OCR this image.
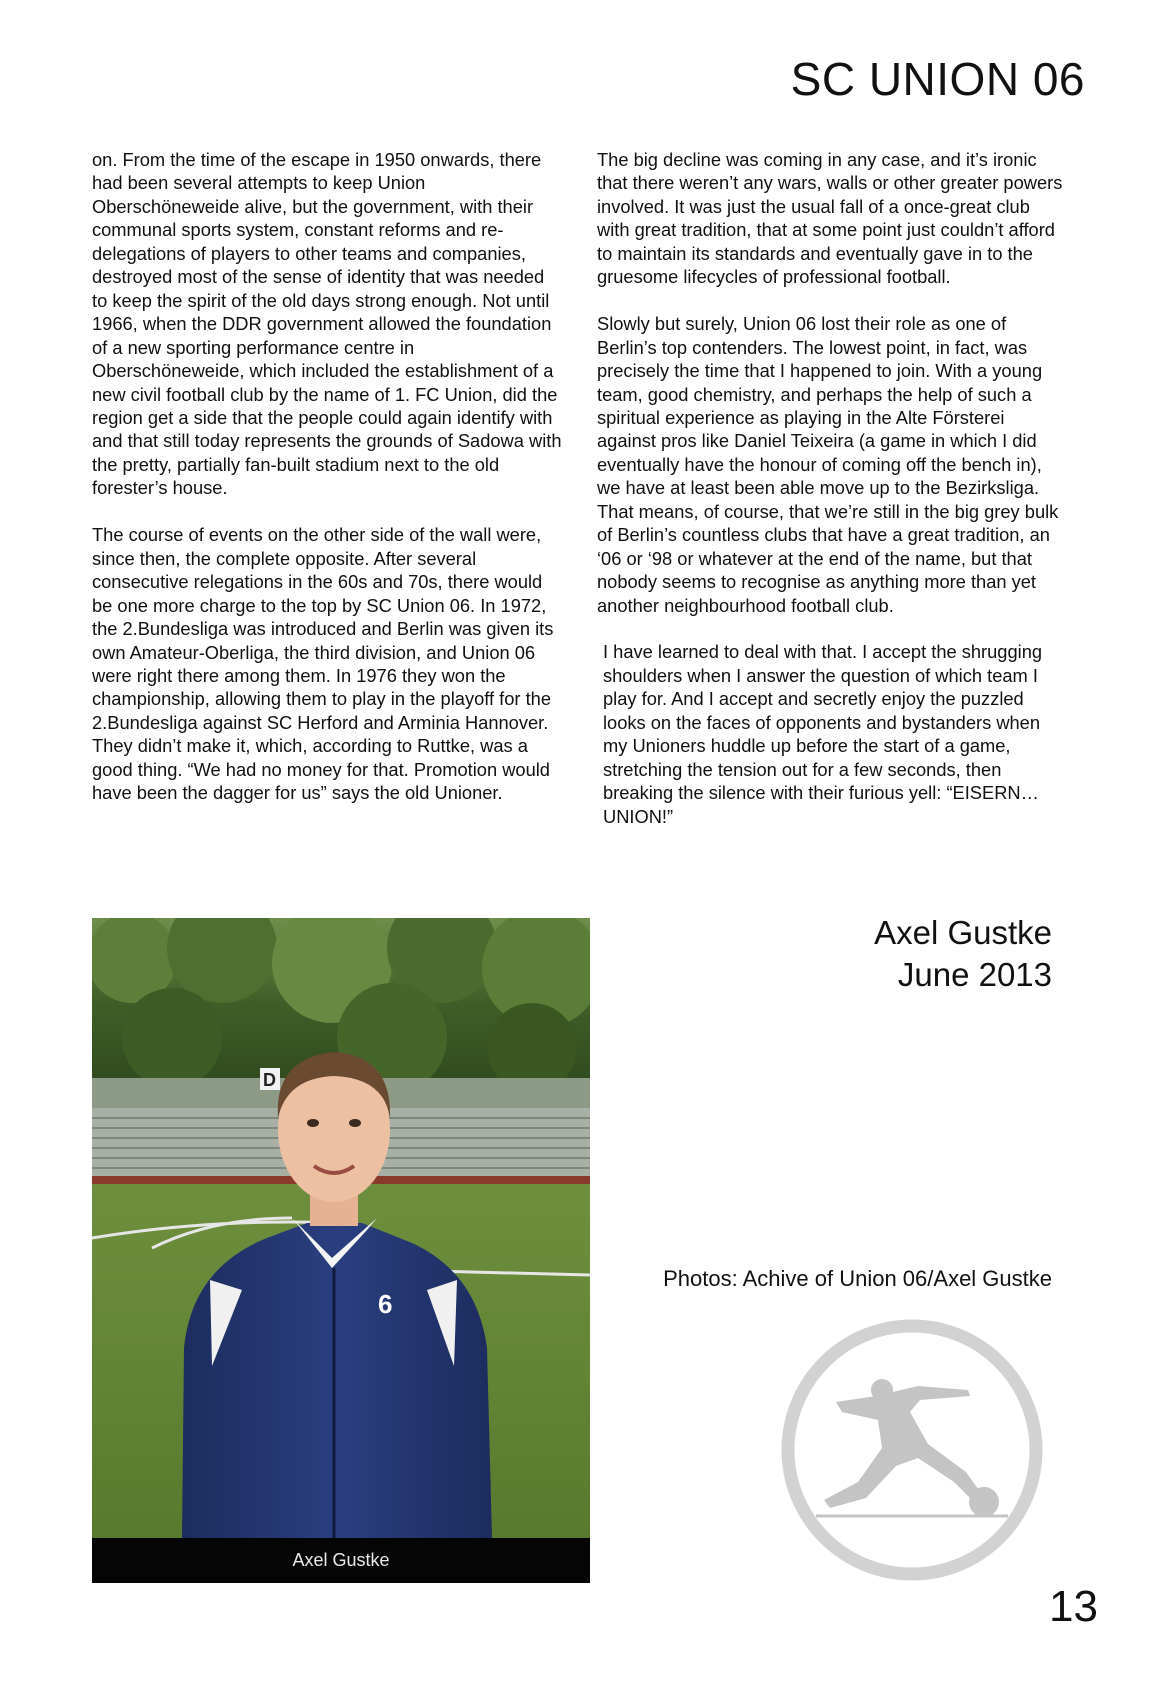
SC UNION 06

on. From the time of the escape in 1950 onwards, there had been several attempts to keep Union Oberschöneweide alive, but the government, with their communal sports system, constant reforms and re-delegations of players to other teams and companies, destroyed most of the sense of identity that was needed to keep the spirit of the old days strong enough. Not until 1966, when the DDR government allowed the foundation of a new sporting performance centre in Oberschöneweide, which included the establishment of a new civil football club by the name of 1. FC Union, did the region get a side that the people could again identify with and that still today represents the grounds of Sadowa with the pretty, partially fan-built stadium next to the old forester’s house.

The course of events on the other side of the wall were, since then, the complete opposite. After several consecutive relegations in the 60s and 70s, there would be one more charge to the top by SC Union 06. In 1972, the 2.Bundesliga was introduced and Berlin was given its own Amateur-Oberliga, the third division, and Union 06 were right there among them. In 1976 they won the championship, allowing them to play in the playoff for the 2.Bundesliga against SC Herford and Arminia Hannover. They didn’t make it, which, according to Ruttke, was a good thing. “We had no money for that. Promotion would have been the dagger for us” says the old Unioner.

The big decline was coming in any case, and it’s ironic that there weren’t any wars, walls or other greater powers involved. It was just the usual fall of a once-great club with great tradition, that at some point just couldn’t afford to maintain its standards and eventually gave in to the gruesome lifecycles of professional football.

Slowly but surely, Union 06 lost their role as one of Berlin’s top contenders. The lowest point, in fact, was precisely the time that I happened to join. With a young team, good chemistry, and perhaps the help of such a spiritual experience as playing in the Alte Försterei against pros like Daniel Teixeira (a game in which I did eventually have the honour of coming off the bench in), we have at least been able move up to the Bezirksliga. That means, of course, that we’re still in the big grey bulk of Berlin’s countless clubs that have a great tradition, an ‘06 or ‘98 or whatever at the end of the name, but that nobody seems to recognise as anything more than yet another neighbourhood football club.

I have learned to deal with that. I accept the shrugging shoulders when I answer the question of which team I play for. And I accept and secretly enjoy the puzzled looks on the faces of opponents and bystanders when my Unioners huddle up before the start of a game, stretching the tension out for a few seconds, then breaking the silence with their furious yell: “EISERN…UNION!”

D
6
Axel Gustke
Axel Gustke
June 2013
Photos: Achive of Union 06/Axel Gustke
13
